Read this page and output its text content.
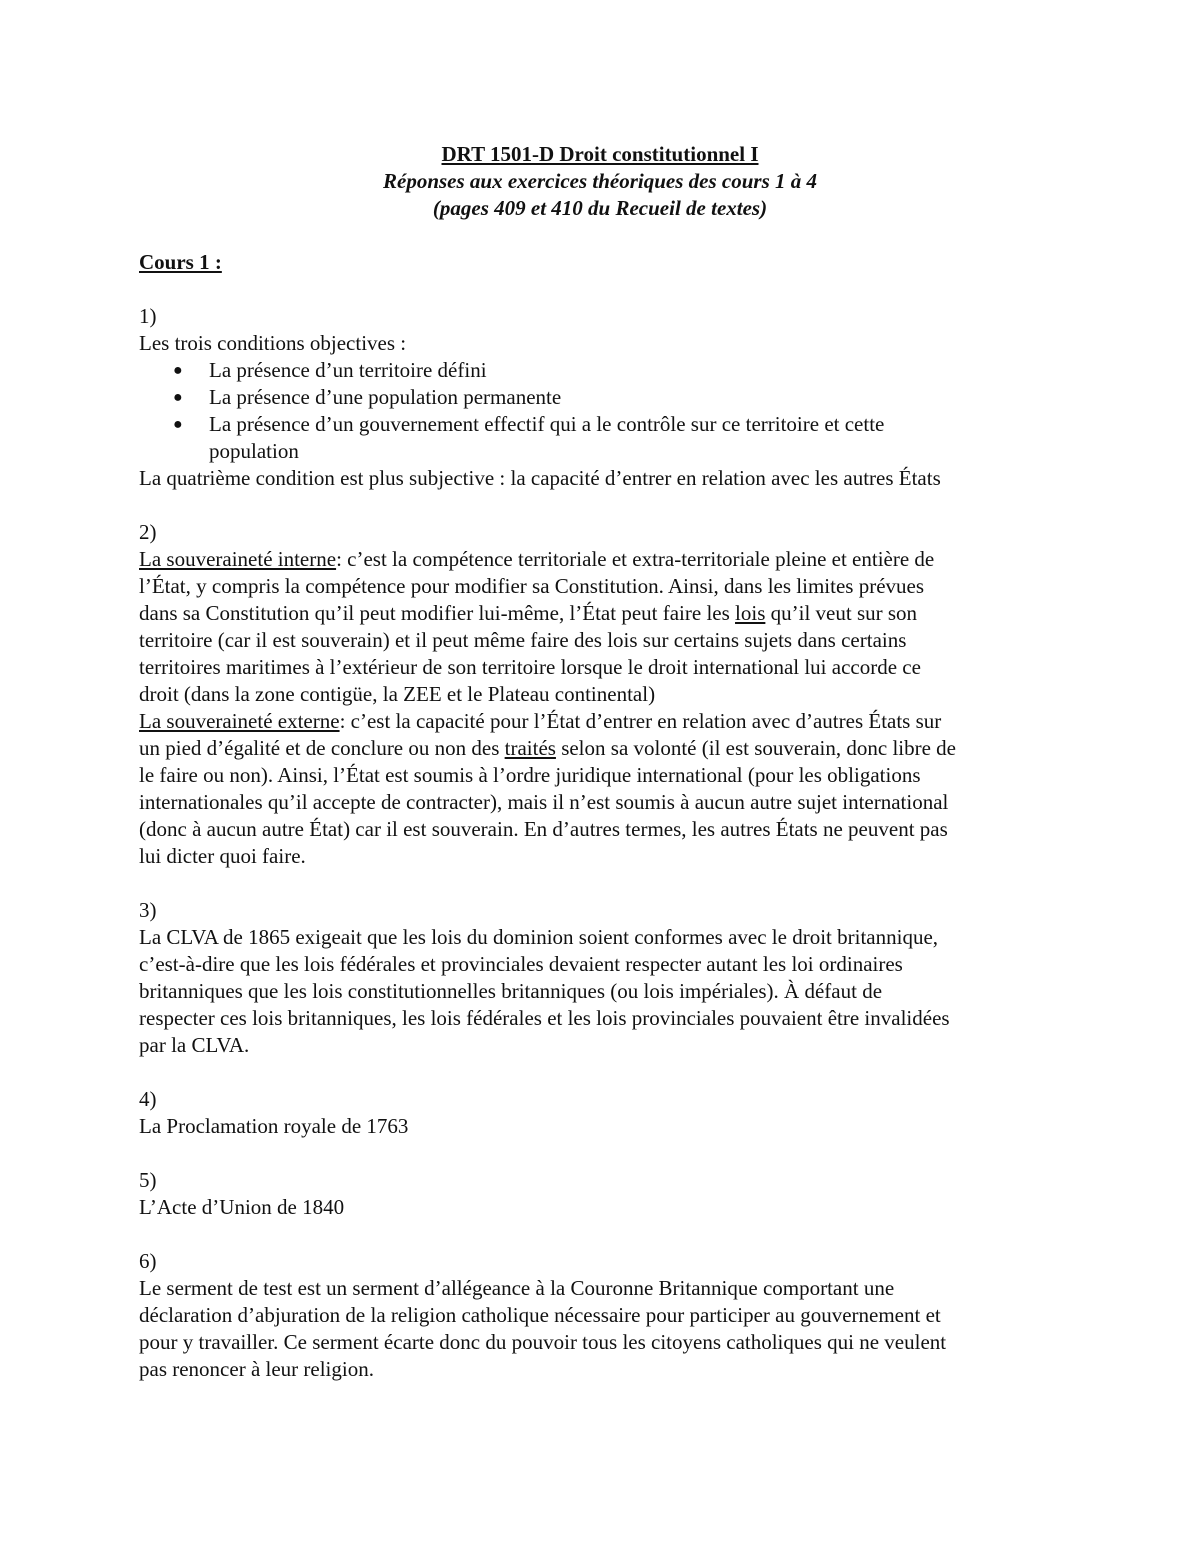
DRT 1501-D Droit constitutionnel I
Réponses aux exercices théoriques des cours 1 à 4
(pages 409 et 410 du Recueil de textes)
Cours 1 :
1)
Les trois conditions objectives :
● La présence d’un territoire défini
● La présence d’une population permanente
● La présence d’un gouvernement effectif qui a le contrôle sur ce territoire et cette
population
La quatrième condition est plus subjective : la capacité d’entrer en relation avec les autres États
2)
La souveraineté interne: c’est la compétence territoriale et extra-territoriale pleine et entière de
l’État, y compris la compétence pour modifier sa Constitution. Ainsi, dans les limites prévues
dans sa Constitution qu’il peut modifier lui-même, l’État peut faire les lois qu’il veut sur son
territoire (car il est souverain) et il peut même faire des lois sur certains sujets dans certains
territoires maritimes à l’extérieur de son territoire lorsque le droit international lui accorde ce
droit (dans la zone contigüe, la ZEE et le Plateau continental)
La souveraineté externe: c’est la capacité pour l’État d’entrer en relation avec d’autres États sur
un pied d’égalité et de conclure ou non des traités selon sa volonté (il est souverain, donc libre de
le faire ou non). Ainsi, l’État est soumis à l’ordre juridique international (pour les obligations
internationales qu’il accepte de contracter), mais il n’est soumis à aucun autre sujet international
(donc à aucun autre État) car il est souverain. En d’autres termes, les autres États ne peuvent pas
lui dicter quoi faire.
3)
La CLVA de 1865 exigeait que les lois du dominion soient conformes avec le droit britannique,
c’est-à-dire que les lois fédérales et provinciales devaient respecter autant les loi ordinaires
britanniques que les lois constitutionnelles britanniques (ou lois impériales). À défaut de
respecter ces lois britanniques, les lois fédérales et les lois provinciales pouvaient être invalidées
par la CLVA.
4)
La Proclamation royale de 1763
5)
L’Acte d’Union de 1840
6)
Le serment de test est un serment d’allégeance à la Couronne Britannique comportant une
déclaration d’abjuration de la religion catholique nécessaire pour participer au gouvernement et
pour y travailler. Ce serment écarte donc du pouvoir tous les citoyens catholiques qui ne veulent
pas renoncer à leur religion.
